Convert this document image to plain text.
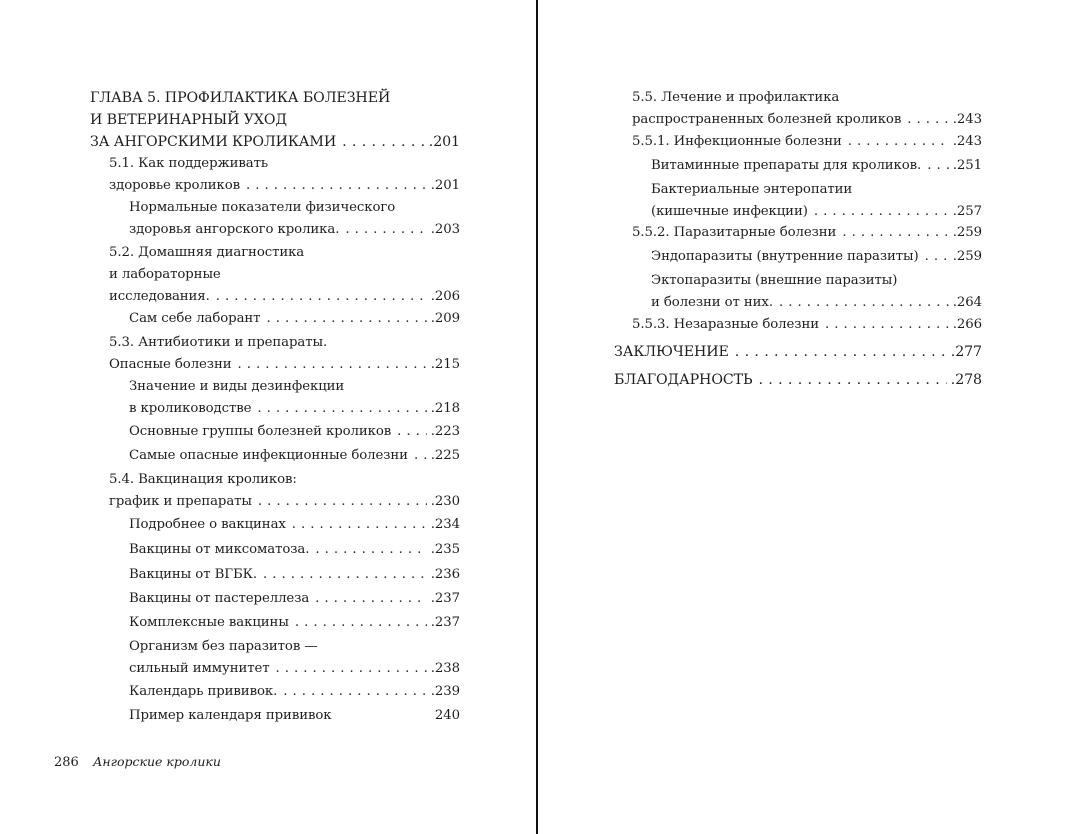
ГЛАВА 5. ПРОФИЛАКТИКА БОЛЕЗНЕЙ
И ВЕТЕРИНАРНЫЙ УХОД
ЗА АНГОРСКИМИ КРОЛИКАМИ . . .	.201
5.1. Как поддерживать
здоровье кроликов . . .	.201
Нормальные показатели физического
здоровья ангорского кролика. . . .	.203
5.2. Домашняя диагностика
и лабораторные
исследования. . . .	.206
Сам себе лаборант . . .	.209
5.3. Антибиотики и препараты.
Опасные болезни . . .	.215
Значение и виды дезинфекции
в кролиководстве . . .	.218
Основные группы болезней кроликов . . .	.223
Самые опасные инфекционные болезни . . . .225
5.4. Вакцинация кроликов:
график и препараты . . .	.230
Подробнее о вакцинах . . .	.234
Вакцины от миксоматоза. . . .	.235
Вакцины от ВГБК. . . .	.236
Вакцины от пастереллеза . . .	.237
Комплексные вакцины . . .	.237
Организм без паразитов —
сильный иммунитет . . .	.238
Календарь прививок. . . .	.239
Пример календаря прививок	240
286 Ангорские кролики
5.5. Лечение и профилактика
распространенных болезней кроликов . . .	.243
5.5.1. Инфекционные болезни . . .	.243
Витаминные препараты для кроликов. . . . .251
Бактериальные энтеропатии
(кишечные инфекции) . . .	.257
5.5.2. Паразитарные болезни . . .	.259
Эндопаразиты (внутренние паразиты) . . .	.259
Эктопаразиты (внешние паразиты)
и болезни от них. . . .	.264
5.5.3. Незаразные болезни . . .	.266
ЗАКЛЮЧЕНИЕ . . .	.277
БЛАГОДАРНОСТЬ . . .	.278
